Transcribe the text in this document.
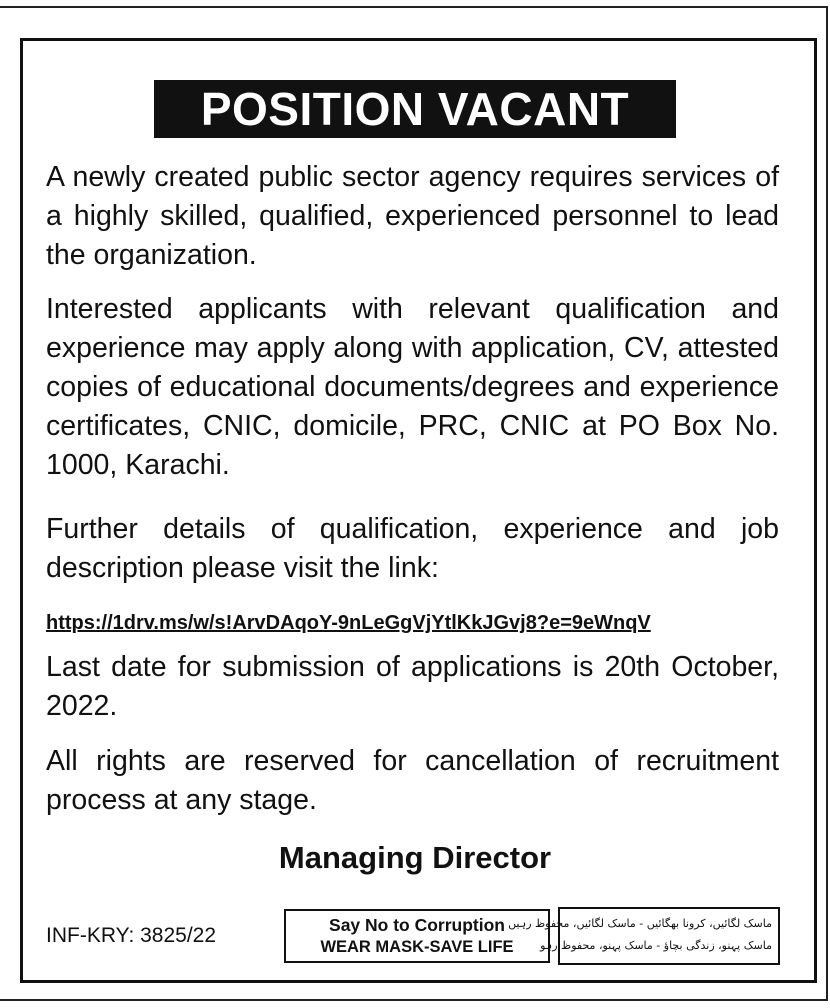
POSITION VACANT

A newly created public sector agency requires services of a highly skilled, qualified, experienced personnel to lead the organization.

Interested applicants with relevant qualification and experience may apply along with application, CV, attested copies of educational documents/degrees and experience certificates, CNIC, domicile, PRC, CNIC at PO Box No. 1000, Karachi.

Further details of qualification, experience and job description please visit the link:

https://1drv.ms/w/s!ArvDAqoY-9nLeGgVjYtlKkJGvj8?e=9eWnqV

Last date for submission of applications is 20th October, 2022.

All rights are reserved for cancellation of recruitment process at any stage.

Managing Director
INF-KRY: 3825/22	Say No to Corruption
WEAR MASK-SAVE LIFE
ماسک لگائیں، کرونا بھگائیں - ماسک لگائیں، محفوظ رہیں
ماسک پہنو، زندگی بچاؤ - ماسک پہنو، محفوظ رہو
